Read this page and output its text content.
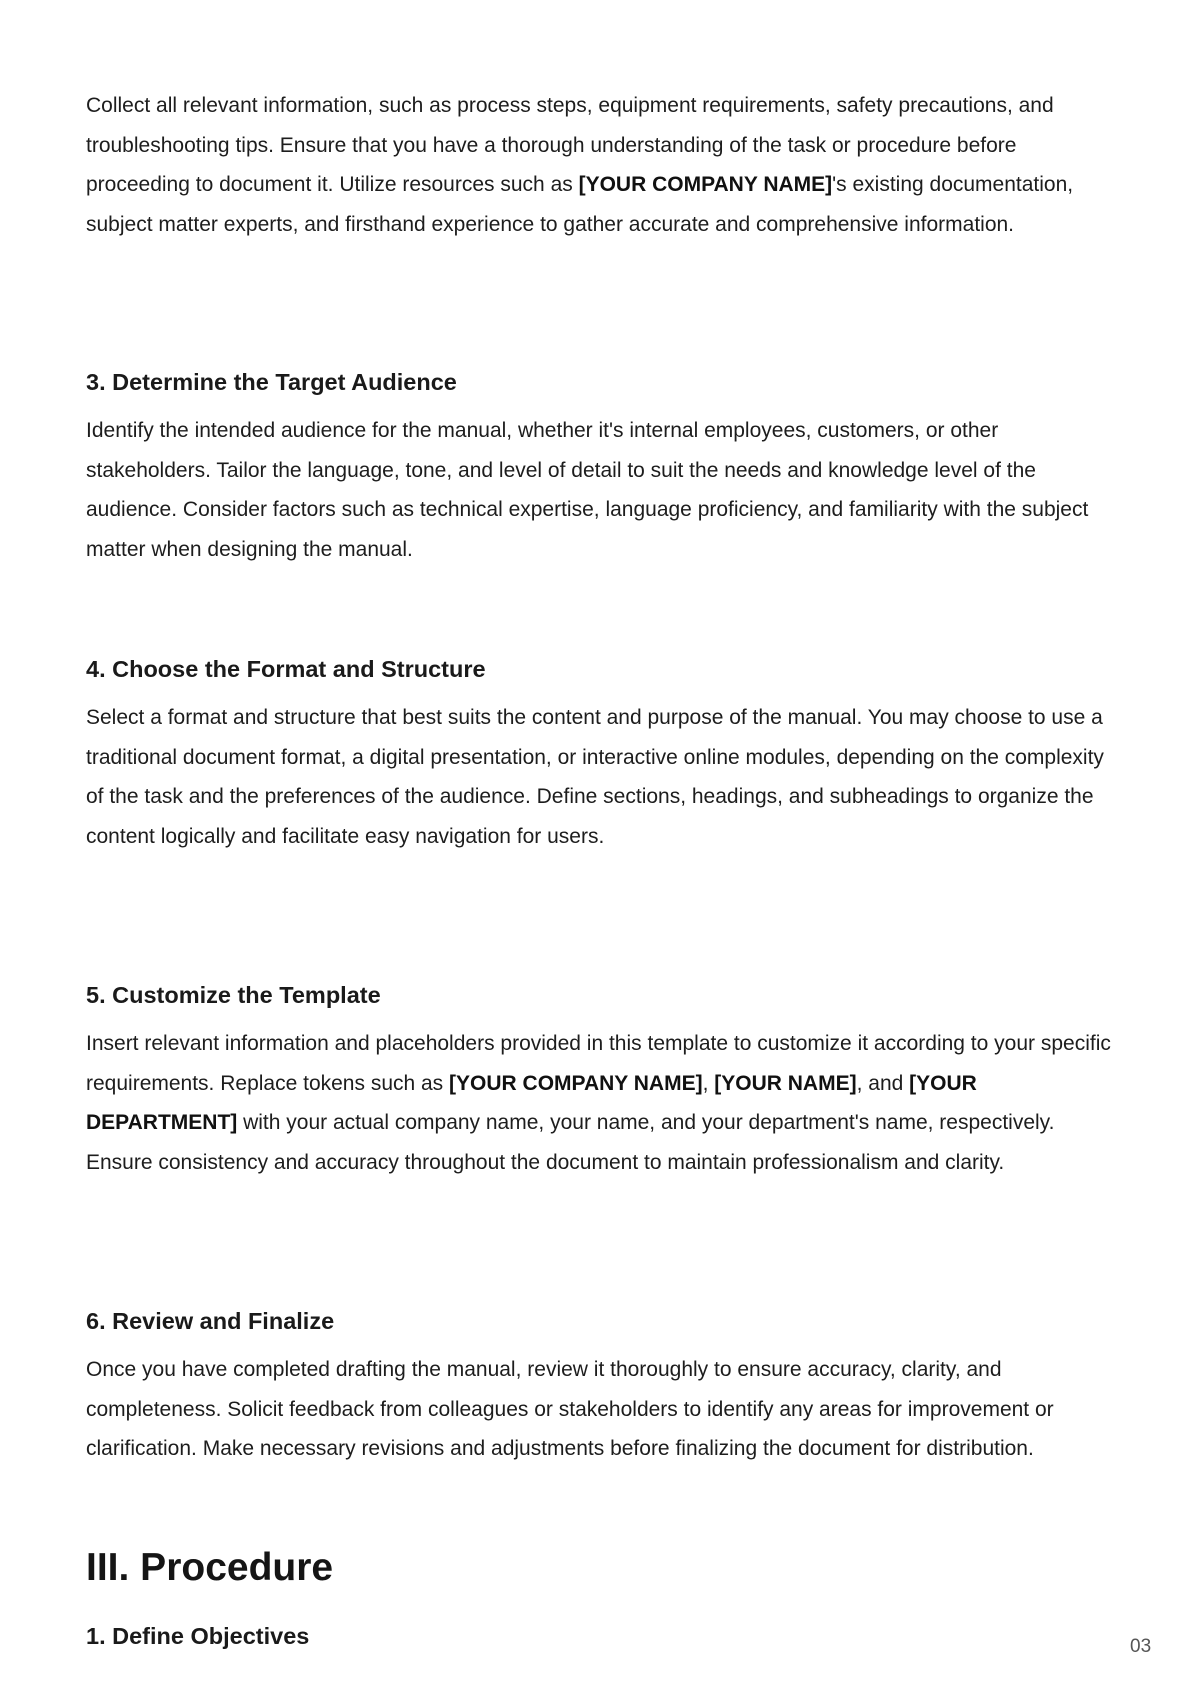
Collect all relevant information, such as process steps, equipment requirements, safety precautions, and troubleshooting tips. Ensure that you have a thorough understanding of the task or procedure before proceeding to document it. Utilize resources such as [YOUR COMPANY NAME]'s existing documentation, subject matter experts, and firsthand experience to gather accurate and comprehensive information.

3. Determine the Target Audience

Identify the intended audience for the manual, whether it's internal employees, customers, or other stakeholders. Tailor the language, tone, and level of detail to suit the needs and knowledge level of the audience. Consider factors such as technical expertise, language proficiency, and familiarity with the subject matter when designing the manual.

4. Choose the Format and Structure

Select a format and structure that best suits the content and purpose of the manual. You may choose to use a traditional document format, a digital presentation, or interactive online modules, depending on the complexity of the task and the preferences of the audience. Define sections, headings, and subheadings to organize the content logically and facilitate easy navigation for users.

5. Customize the Template

Insert relevant information and placeholders provided in this template to customize it according to your specific requirements. Replace tokens such as [YOUR COMPANY NAME], [YOUR NAME], and [YOUR DEPARTMENT] with your actual company name, your name, and your department's name, respectively. Ensure consistency and accuracy throughout the document to maintain professionalism and clarity.

6. Review and Finalize

Once you have completed drafting the manual, review it thoroughly to ensure accuracy, clarity, and completeness. Solicit feedback from colleagues or stakeholders to identify any areas for improvement or clarification. Make necessary revisions and adjustments before finalizing the document for distribution.

III. Procedure
1. Define Objectives	03
